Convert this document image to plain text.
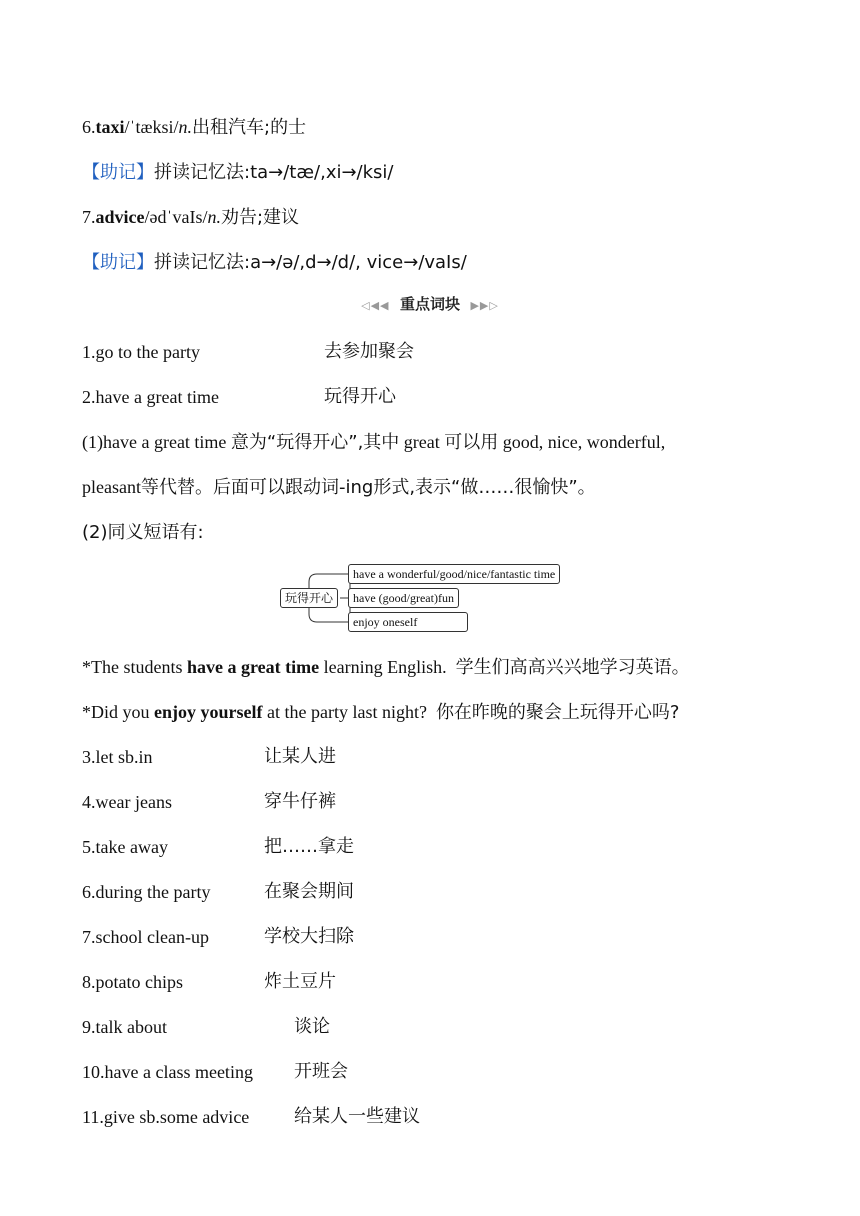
6.taxi/ˈtæksi/n.出租汽车;的士
【助记】拼读记忆法:ta→/tæ/,xi→/ksi/
7.advice/ədˈvaIs/n.劝告;建议
【助记】拼读记忆法:a→/ə/,d→/d/, vice→/vaIs/
◁◀◀ 重点词块 ▶▶▷
1.go to the party	去参加聚会
2.have a great time	玩得开心
(1)have a great time 意为“玩得开心”,其中 great 可以用 good, nice, wonderful,
pleasant等代替。后面可以跟动词-ing形式,表示“做……很愉快”。
(2)同义短语有:
玩得开心
have a wonderful/good/nice/fantastic time
have (good/great)fun
enjoy oneself
*The students have a great time learning English. 学生们高高兴兴地学习英语。
*Did you enjoy yourself at the party last night? 你在昨晚的聚会上玩得开心吗?
3.let sb.in	让某人进
4.wear jeans	穿牛仔裤
5.take away	把……拿走
6.during the party	在聚会期间
7.school clean-up	学校大扫除
8.potato chips	炸土豆片
9.talk about	谈论
10.have a class meeting 开班会
11.give sb.some advice 给某人一些建议
